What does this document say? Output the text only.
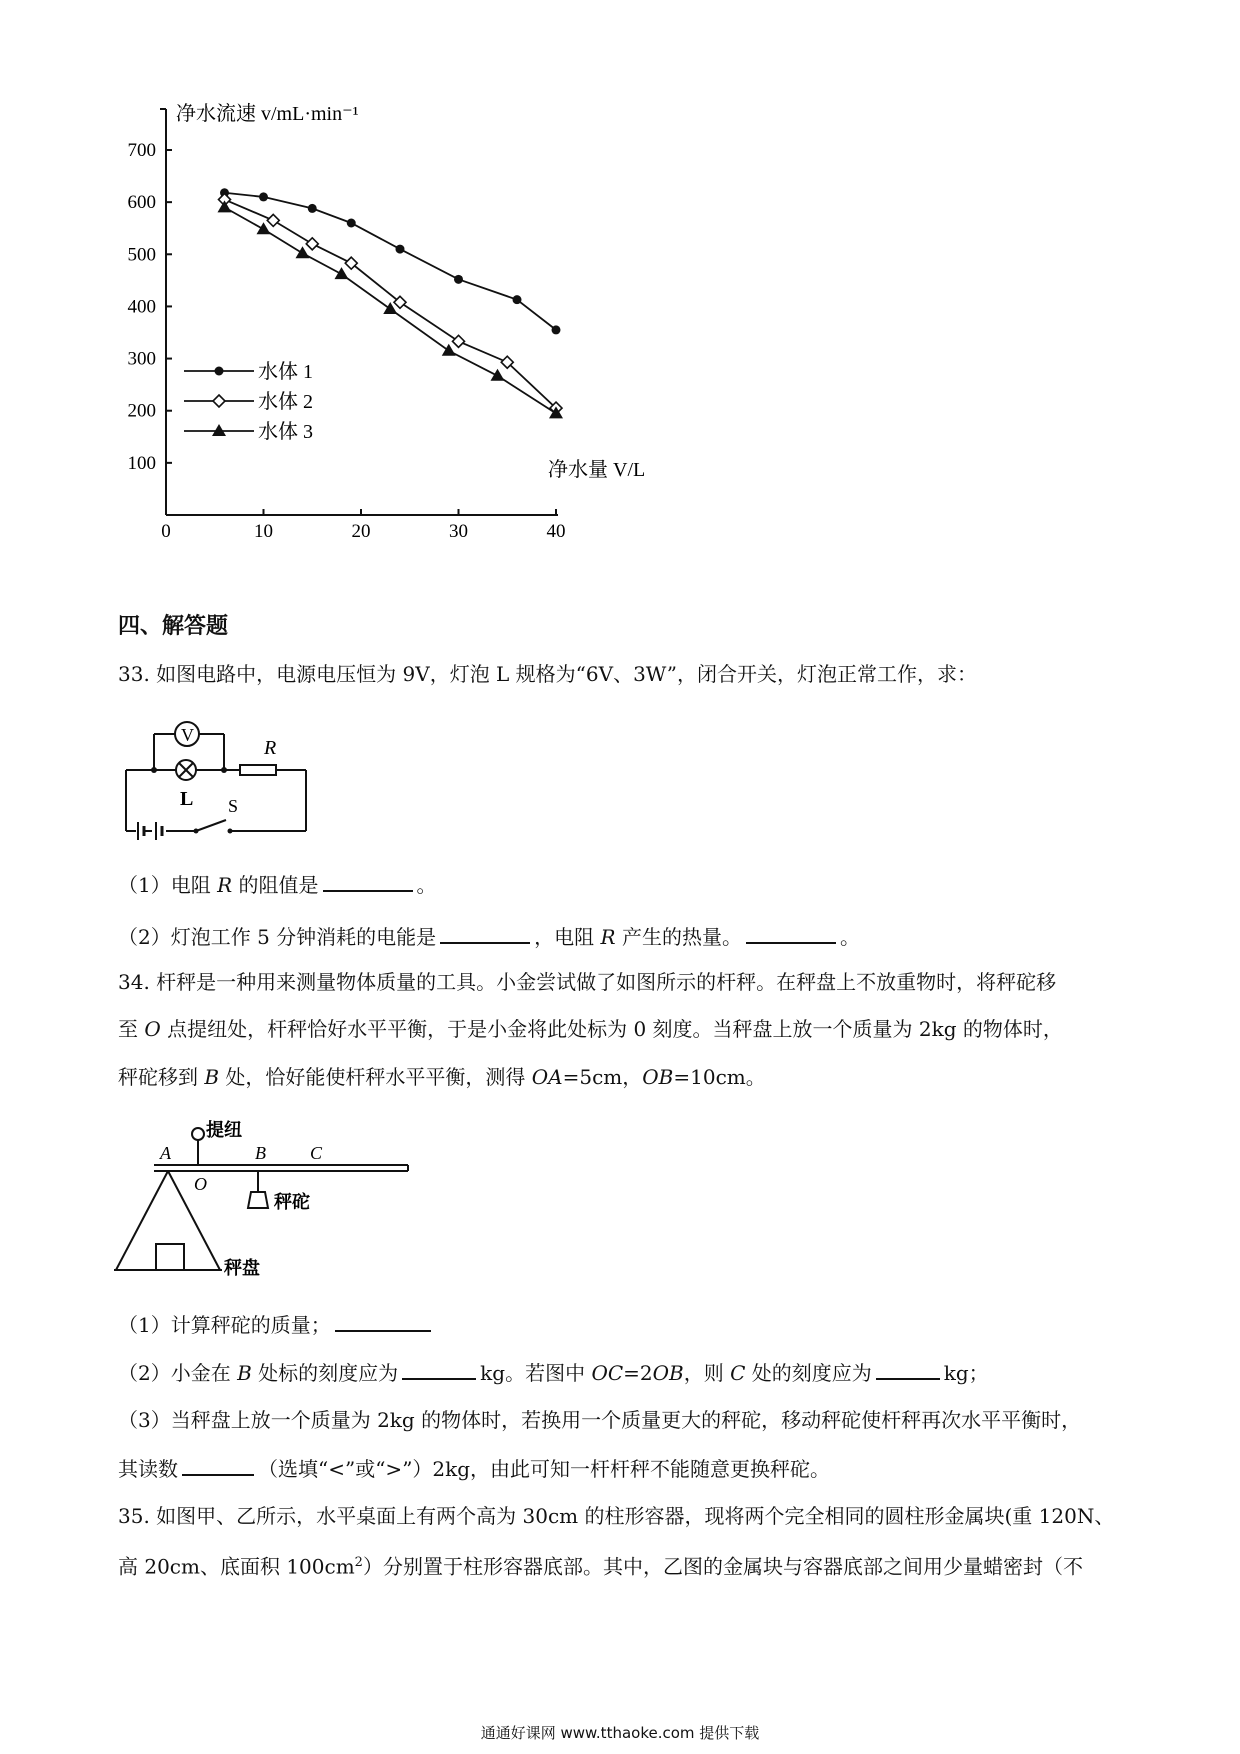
0	10	20	30	40
100
200
300
400
500
600
700
水体 1
水体 2
水体 3
净水流速 v/mL·min⁻¹
净水量 V/L
四、解答题
33. 如图电路中，电源电压恒为 9V，灯泡 L 规格为“6V、3W”，闭合开关，灯泡正常工作，求：
V
R
L S
（1）电阻 R 的阻值是	。
（2）灯泡工作 5 分钟消耗的电能是	，电阻 R 产生的热量。	。
34. 杆秤是一种用来测量物体质量的工具。小金尝试做了如图所示的杆秤。在秤盘上不放重物时，将秤砣移
至 O 点提纽处，杆秤恰好水平平衡，于是小金将此处标为 0 刻度。当秤盘上放一个质量为 2kg 的物体时，
秤砣移到 B 处，恰好能使杆秤水平平衡，测得 OA=5cm，OB=10cm。
A
提纽
O
B C
秤砣
秤盘
（1）计算秤砣的质量；
（2）小金在 B 处标的刻度应为	kg。若图中 OC=2OB，则 C 处的刻度应为	kg；
（3）当秤盘上放一个质量为 2kg 的物体时，若换用一个质量更大的秤砣，移动秤砣使杆秤再次水平平衡时，
其读数	（选填“<”或“>”）2kg，由此可知一杆杆秤不能随意更换秤砣。
35. 如图甲、乙所示，水平桌面上有两个高为 30cm 的柱形容器，现将两个完全相同的圆柱形金属块(重 120N、
高 20cm、底面积 $100cm^2$）分别置于柱形容器底部。其中，乙图的金属块与容器底部之间用少量蜡密封（不
通通好课网 www.tthaoke.com 提供下载
